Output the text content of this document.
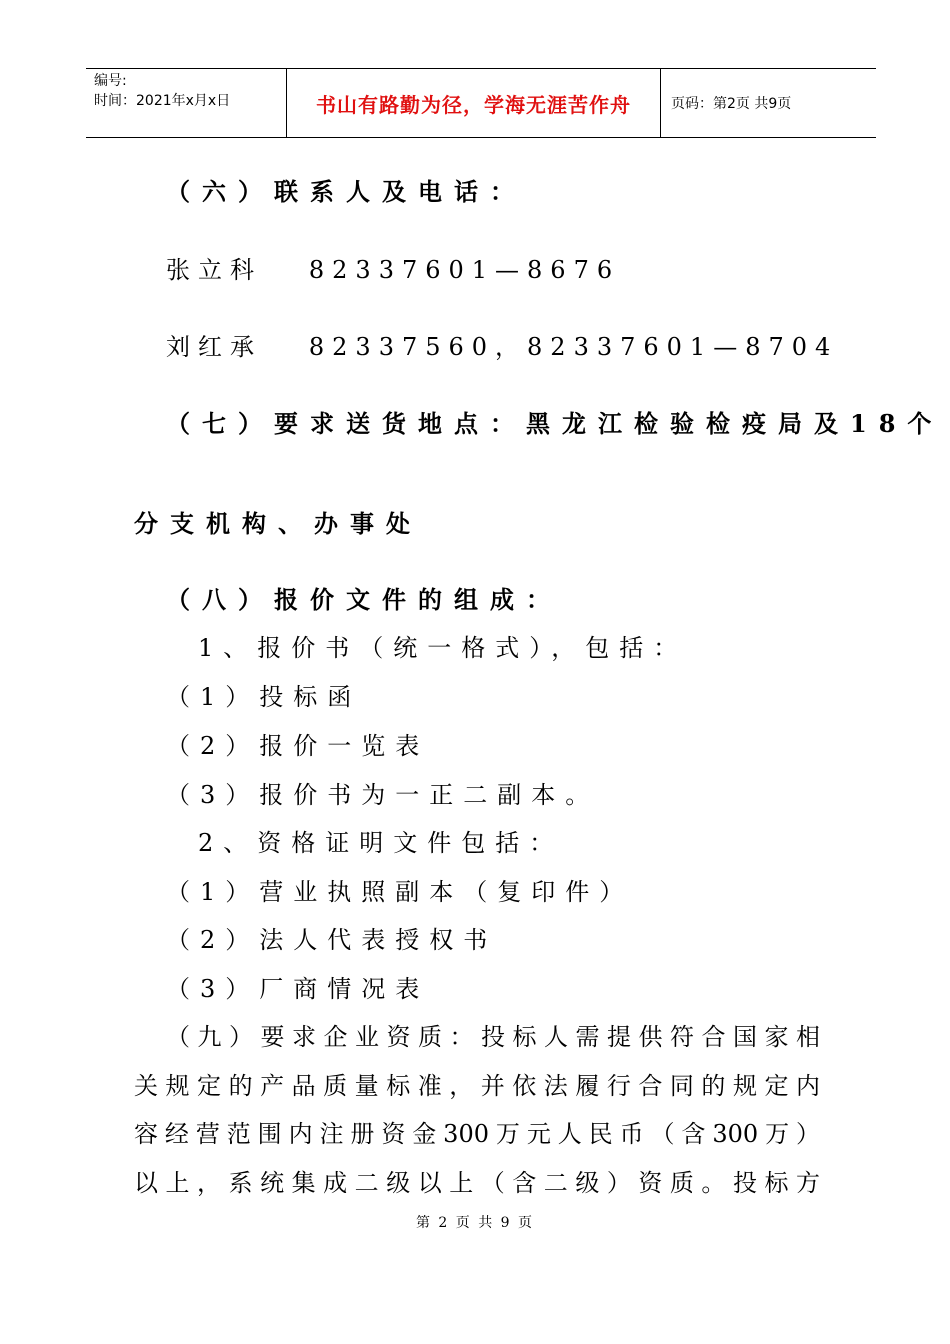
编号:
时间：2021年x月x日	书山有路勤为径，学海无涯苦作舟	页码：第2页 共9页
（六）联系人及电话：
张立科   82337601—8676
刘红承   82337560，82337601—8704
（七）要求送货地点：黑龙江检验检疫局及18个
分支机构、办事处
（八）报价文件的组成：
1、报价书（统一格式），包括：
（1）投标函
（2）报价一览表
（3）报价书为一正二副本。
2、资格证明文件包括：
（1）营业执照副本（复印件）
（2）法人代表授权书
（3）厂商情况表
（九）要求企业资质：投标人需提供符合国家相
关规定的产品质量标准，并依法履行合同的规定内
容经营范围内注册资金300万元人民币（含300万）
以上，系统集成二级以上（含二级）资质。投标方
第 2 页 共 9 页
